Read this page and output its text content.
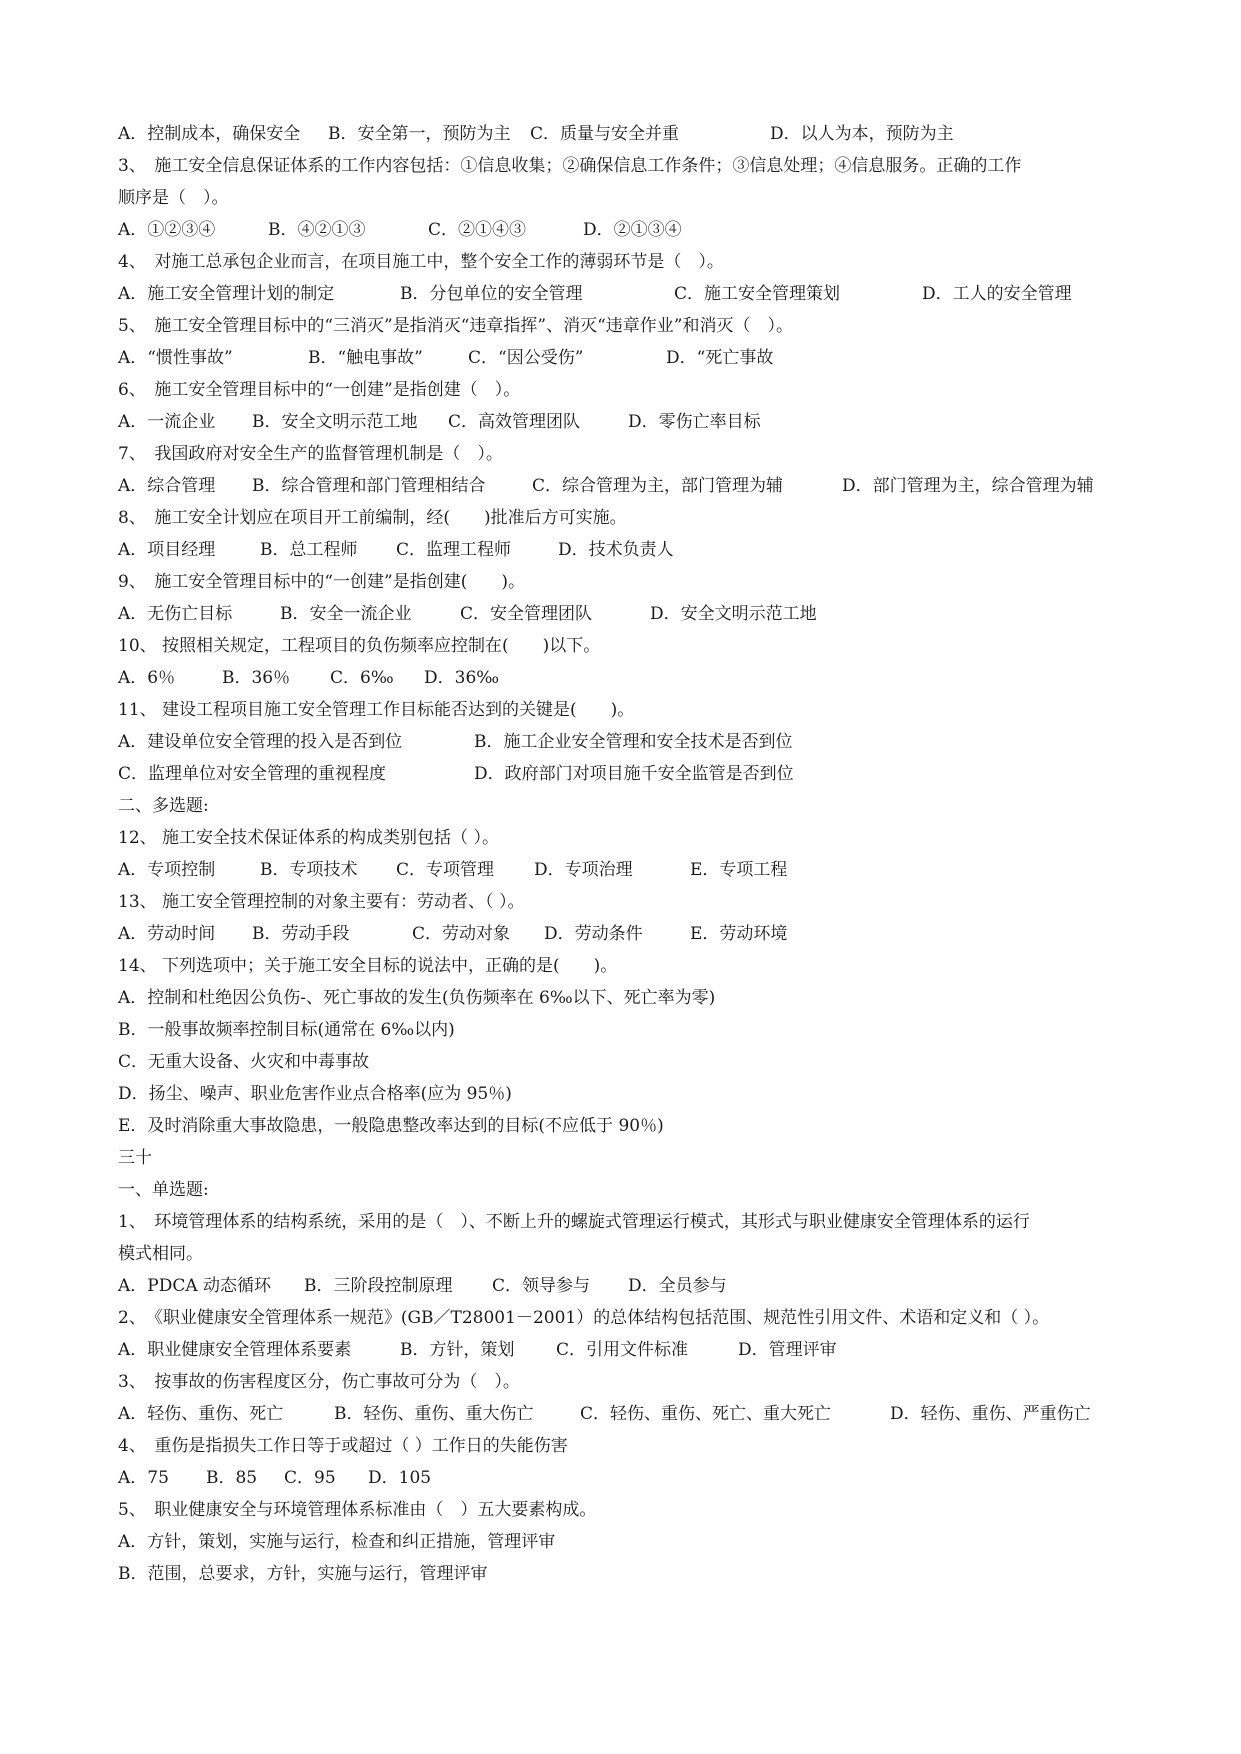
A．控制成本，确保安全

B．安全第一，预防为主

C．质量与安全并重

	D．以人为本，预防为主

3、　施工安全信息保证体系的工作内容包括：①信息收集；②确保信息工作条件；③信息处理；④信息服务。正确的工作
顺序是（　）。

A．①②③④

	B．④②①③

	C．②①④③

	D．②①③④

4、　对施工总承包企业而言，在项目施工中，整个安全工作的薄弱环节是（　）。

A．施工安全管理计划的制定

	B．分包单位的安全管理

	C．施工安全管理策划

	D．工人的安全管理

5、　施工安全管理目标中的“三消灭”是指消灭“违章指挥”、消灭“违章作业”和消灭（　）。

A．“惯性事故”

	B．“触电事故”

	C．“因公受伤”

	D．“死亡事故

6、　施工安全管理目标中的“一创建”是指创建（　）。

A．一流企业

B．安全文明示范工地

C．高效管理团队

	D．零伤亡率目标

7、　我国政府对安全生产的监督管理机制是（　）。

A．综合管理

B．综合管理和部门管理相结合

	C．综合管理为主，部门管理为辅

	D．部门管理为主，综合管理为辅

8、　施工安全计划应在项目开工前编制，经(　　)批准后方可实施。

A．项目经理

	B．总工程师

C．监理工程师

	D．技术负责人

9、　施工安全管理目标中的“一创建”是指创建(　　)。

A．无伤亡目标

	B．安全一流企业

	C．安全管理团队

	D．安全文明示范工地

10、 按照相关规定，工程项目的负伤频率应控制在(　　)以下。

A．6％

	B．36％

C．6‰

D．36‰

11、 建设工程项目施工安全管理工作目标能否达到的关键是(　　)。

A．建设单位安全管理的投入是否到位

	B．施工企业安全管理和安全技术是否到位

C．监理单位对安全管理的重视程度

	D．政府部门对项目施千安全监管是否到位

二、多选题:
12、 施工安全技术保证体系的构成类别包括（ ）。

A．专项控制

	B．专项技术

C．专项管理

D．专项治理

	E．专项工程

13、 施工安全管理控制的对象主要有：劳动者、（ ）。

A．劳动时间

B．劳动手段

	C．劳动对象

D．劳动条件

	E．劳动环境

14、 下列选项中；关于施工安全目标的说法中，正确的是(　　)。
A．控制和杜绝因公负伤-、死亡事故的发生(负伤频率在 6‰以下、死亡率为零)
B．一般事故频率控制目标(通常在 6‰以内)
C．无重大设备、火灾和中毒事故
D．扬尘、噪声、职业危害作业点合格率(应为 95％)
E．及时消除重大事故隐患，一般隐患整改率达到的目标(不应低于 90％)
三十
一、单选题:
1、　环境管理体系的结构系统，采用的是（　）、不断上升的螺旋式管理运行模式，其形式与职业健康安全管理体系的运行
模式相同。

A．PDCA 动态循环

B．三阶段控制原理

C．领导参与

D．全员参与

2、　《职业健康安全管理体系一规范》(GB／T28001－2001）的总体结构包括范围、规范性引用文件、术语和定义和（ ）。

A．职业健康安全管理体系要素

	B．方针，策划

C．引用文件标准

	D．管理评审

3、　按事故的伤害程度区分，伤亡事故可分为（　）。

A．轻伤、重伤、死亡

	B．轻伤、重伤、重大伤亡

	C．轻伤、重伤、死亡、重大死亡

	D．轻伤、重伤、严重伤亡

4、　重伤是指损失工作日等于或超过（ ）工作日的失能伤害

A．75

B．85

C．95

D．105

5、　职业健康安全与环境管理体系标准由（　）五大要素构成。
A．方针，策划，实施与运行，检查和纠正措施，管理评审
B．范围，总要求，方针，实施与运行，管理评审
